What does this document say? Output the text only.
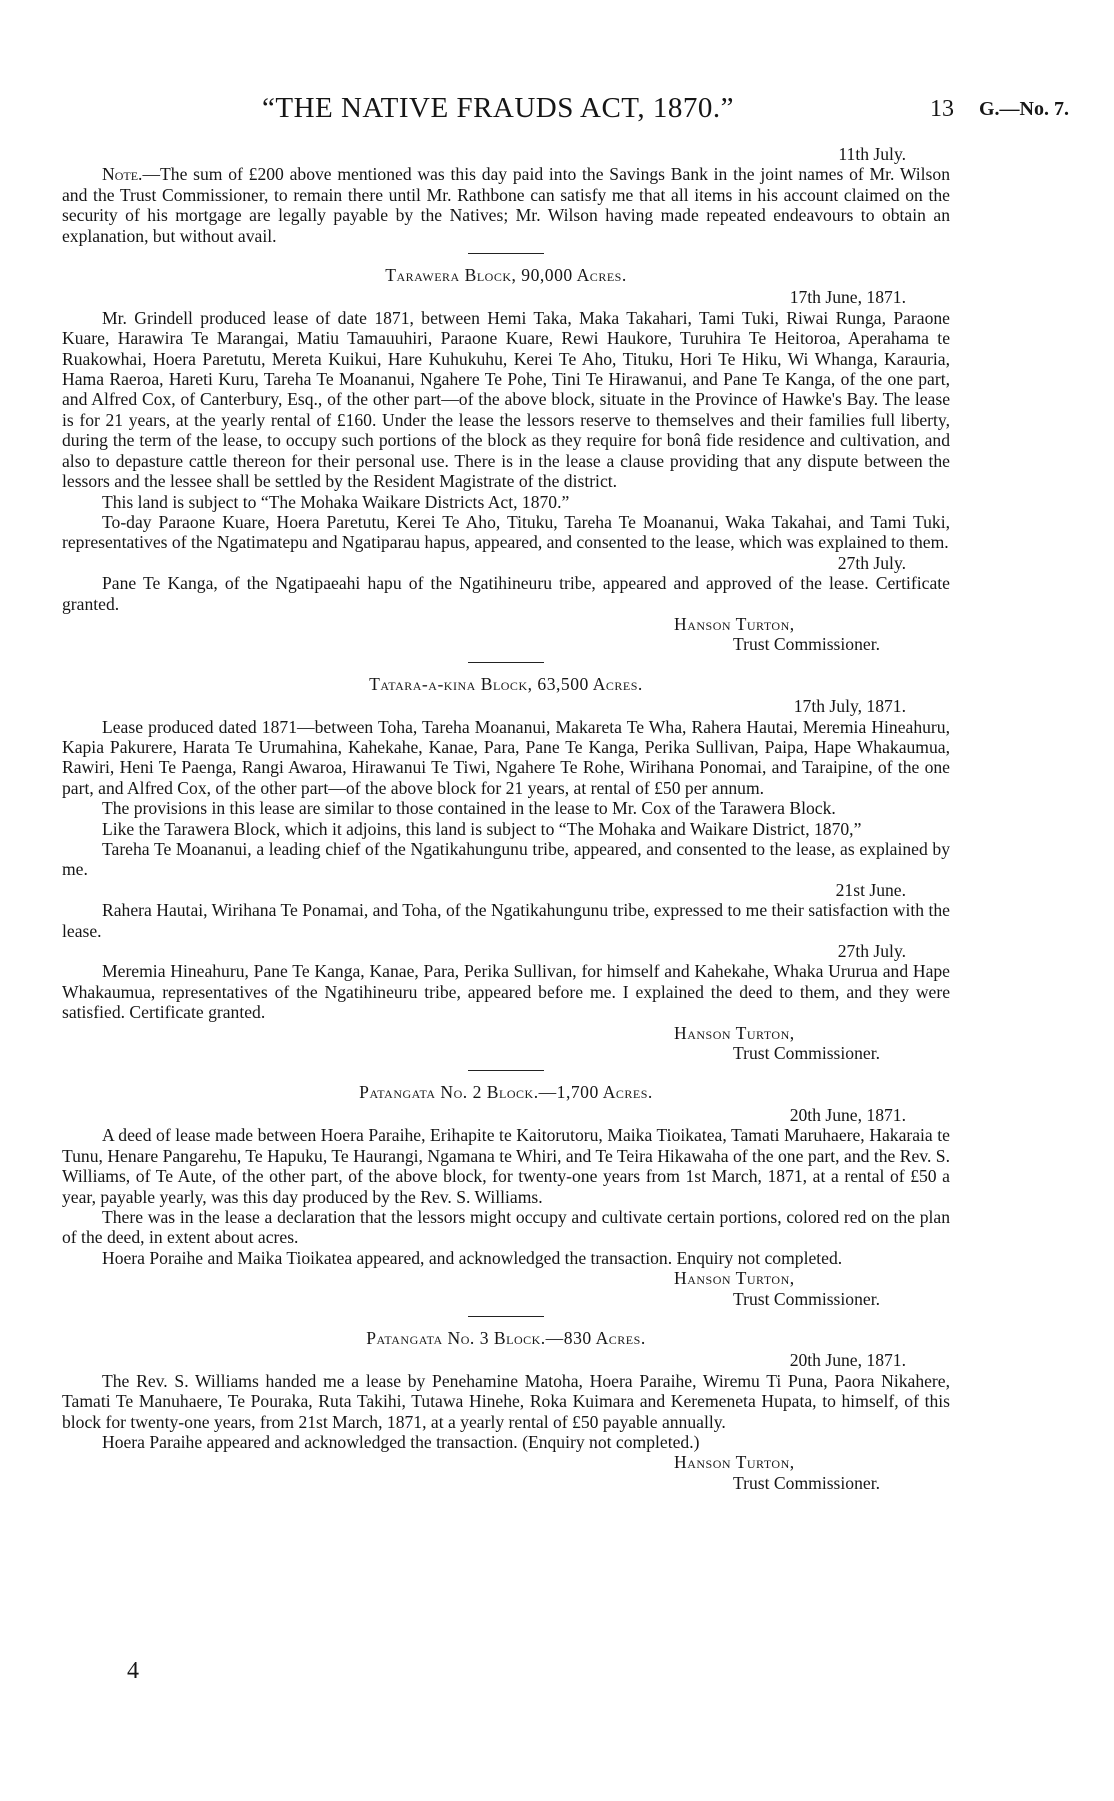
“THE NATIVE FRAUDS ACT, 1870.”	13 G.—No. 7.

11th July.

Note.—The sum of £200 above mentioned was this day paid into the Savings Bank in the joint names of Mr. Wilson and the Trust Commissioner, to remain there until Mr. Rathbone can satisfy me that all items in his account claimed on the security of his mortgage are legally payable by the Natives; Mr. Wilson having made repeated endeavours to obtain an explanation, but without avail.

Tarawera Block, 90,000 Acres.

17th June, 1871.

Mr. Grindell produced lease of date 1871, between Hemi Taka, Maka Takahari, Tami Tuki, Riwai Runga, Paraone Kuare, Harawira Te Marangai, Matiu Tamauuhiri, Paraone Kuare, Rewi Haukore, Turuhira Te Heitoroa, Aperahama te Ruakowhai, Hoera Paretutu, Mereta Kuikui, Hare Kuhukuhu, Kerei Te Aho, Tituku, Hori Te Hiku, Wi Whanga, Karauria, Hama Raeroa, Hareti Kuru, Tareha Te Moananui, Ngahere Te Pohe, Tini Te Hirawanui, and Pane Te Kanga, of the one part, and Alfred Cox, of Canterbury, Esq., of the other part—of the above block, situate in the Province of Hawke's Bay. The lease is for 21 years, at the yearly rental of £160. Under the lease the lessors reserve to themselves and their families full liberty, during the term of the lease, to occupy such portions of the block as they require for bonâ fide residence and cultivation, and also to depasture cattle thereon for their personal use. There is in the lease a clause providing that any dispute between the lessors and the lessee shall be settled by the Resident Magistrate of the district.

This land is subject to “The Mohaka Waikare Districts Act, 1870.”

To-day Paraone Kuare, Hoera Paretutu, Kerei Te Aho, Tituku, Tareha Te Moananui, Waka Takahai, and Tami Tuki, representatives of the Ngatimatepu and Ngatiparau hapus, appeared, and consented to the lease, which was explained to them.

27th July.

Pane Te Kanga, of the Ngatipaeahi hapu of the Ngatihineuru tribe, appeared and approved of the lease. Certificate granted.

Hanson Turton,

Trust Commissioner.

Tatara-a-kina Block, 63,500 Acres.

17th July, 1871.

Lease produced dated 1871—between Toha, Tareha Moananui, Makareta Te Wha, Rahera Hautai, Meremia Hineahuru, Kapia Pakurere, Harata Te Urumahina, Kahekahe, Kanae, Para, Pane Te Kanga, Perika Sullivan, Paipa, Hape Whakaumua, Rawiri, Heni Te Paenga, Rangi Awaroa, Hirawanui Te Tiwi, Ngahere Te Rohe, Wirihana Ponomai, and Taraipine, of the one part, and Alfred Cox, of the other part—of the above block for 21 years, at rental of £50 per annum.

The provisions in this lease are similar to those contained in the lease to Mr. Cox of the Tarawera Block.

Like the Tarawera Block, which it adjoins, this land is subject to “The Mohaka and Waikare District, 1870,”

Tareha Te Moananui, a leading chief of the Ngatikahungunu tribe, appeared, and consented to the lease, as explained by me.

21st June.

Rahera Hautai, Wirihana Te Ponamai, and Toha, of the Ngatikahungunu tribe, expressed to me their satisfaction with the lease.

27th July.

Meremia Hineahuru, Pane Te Kanga, Kanae, Para, Perika Sullivan, for himself and Kahekahe, Whaka Ururua and Hape Whakaumua, representatives of the Ngatihineuru tribe, appeared before me. I explained the deed to them, and they were satisfied. Certificate granted.

Hanson Turton,

Trust Commissioner.

Patangata No. 2 Block.—1,700 Acres.

20th June, 1871.

A deed of lease made between Hoera Paraihe, Erihapite te Kaitorutoru, Maika Tioikatea, Tamati Maruhaere, Hakaraia te Tunu, Henare Pangarehu, Te Hapuku, Te Haurangi, Ngamana te Whiri, and Te Teira Hikawaha of the one part, and the Rev. S. Williams, of Te Aute, of the other part, of the above block, for twenty-one years from 1st March, 1871, at a rental of £50 a year, payable yearly, was this day produced by the Rev. S. Williams.

There was in the lease a declaration that the lessors might occupy and cultivate certain portions, colored red on the plan of the deed, in extent about acres.

Hoera Poraihe and Maika Tioikatea appeared, and acknowledged the transaction. Enquiry not completed.

Hanson Turton,

Trust Commissioner.

Patangata No. 3 Block.—830 Acres.

20th June, 1871.

The Rev. S. Williams handed me a lease by Penehamine Matoha, Hoera Paraihe, Wiremu Ti Puna, Paora Nikahere, Tamati Te Manuhaere, Te Pouraka, Ruta Takihi, Tutawa Hinehe, Roka Kuimara and Keremeneta Hupata, to himself, of this block for twenty-one years, from 21st March, 1871, at a yearly rental of £50 payable annually.

Hoera Paraihe appeared and acknowledged the transaction. (Enquiry not completed.)

Hanson Turton,

Trust Commissioner.

4
